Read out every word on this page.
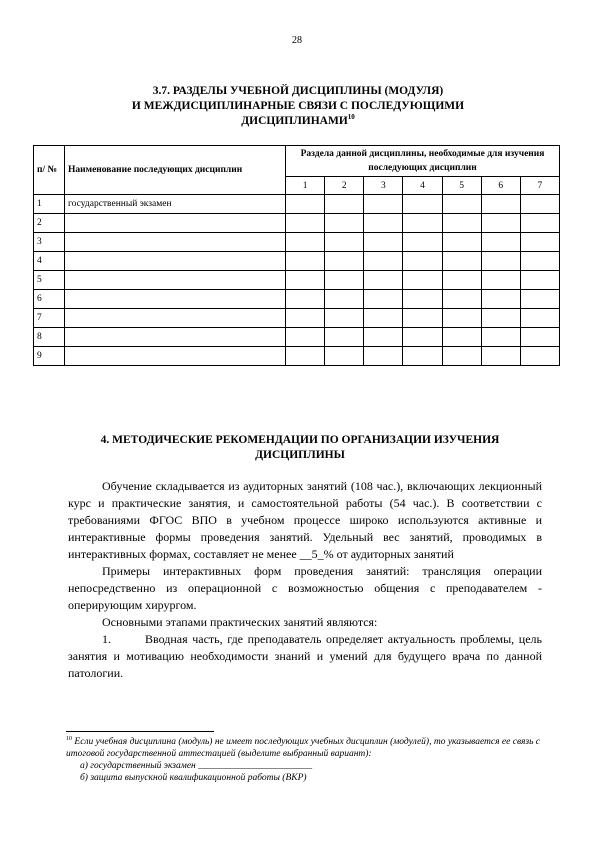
28
3.7. РАЗДЕЛЫ УЧЕБНОЙ ДИСЦИПЛИНЫ (МОДУЛЯ)
И МЕЖДИСЦИПЛИНАРНЫЕ СВЯЗИ С ПОСЛЕДУЮЩИМИ
ДИСЦИПЛИНАМИ$^{10}$
п/ №	Наименование последующих дисциплин	Раздела данной дисциплины, необходимые для изучения последующих дисциплин						
		1	2	3	4	5	6	7
1	государственный экзамен							
2								
3								
4								
5								
6								
7								
8								
9								
4. МЕТОДИЧЕСКИЕ РЕКОМЕНДАЦИИ ПО ОРГАНИЗАЦИИ ИЗУЧЕНИЯ
ДИСЦИПЛИНЫ

Обучение складывается из аудиторных занятий (108 час.), включающих лекционный курс и практические занятия, и самостоятельной работы (54 час.). В соответствии с требованиями ФГОС ВПО в учебном процессе широко используются активные и интерактивные формы проведения занятий. Удельный вес занятий, проводимых в интерактивных формах, составляет не менее __5_% от аудиторных занятий

Примеры интерактивных форм проведения занятий: трансляция операции непосредственно из операционной с возможностью общения с преподавателем - оперирующим хирургом.

Основными этапами практических занятий являются:

1.	Вводная часть, где преподаватель определяет актуальность проблемы, цель занятия и мотивацию необходимости знаний и умений для будущего врача по данной патологии.

$^{10}$ Если учебная дисциплина (модуль) не имеет последующих учебных дисциплин (модулей), то указывается ее связь с итоговой государственной аттестацией (выделите выбранный вариант):

а) государственный экзамен ________________________

б) защита выпускной квалификационной работы (ВКР)
